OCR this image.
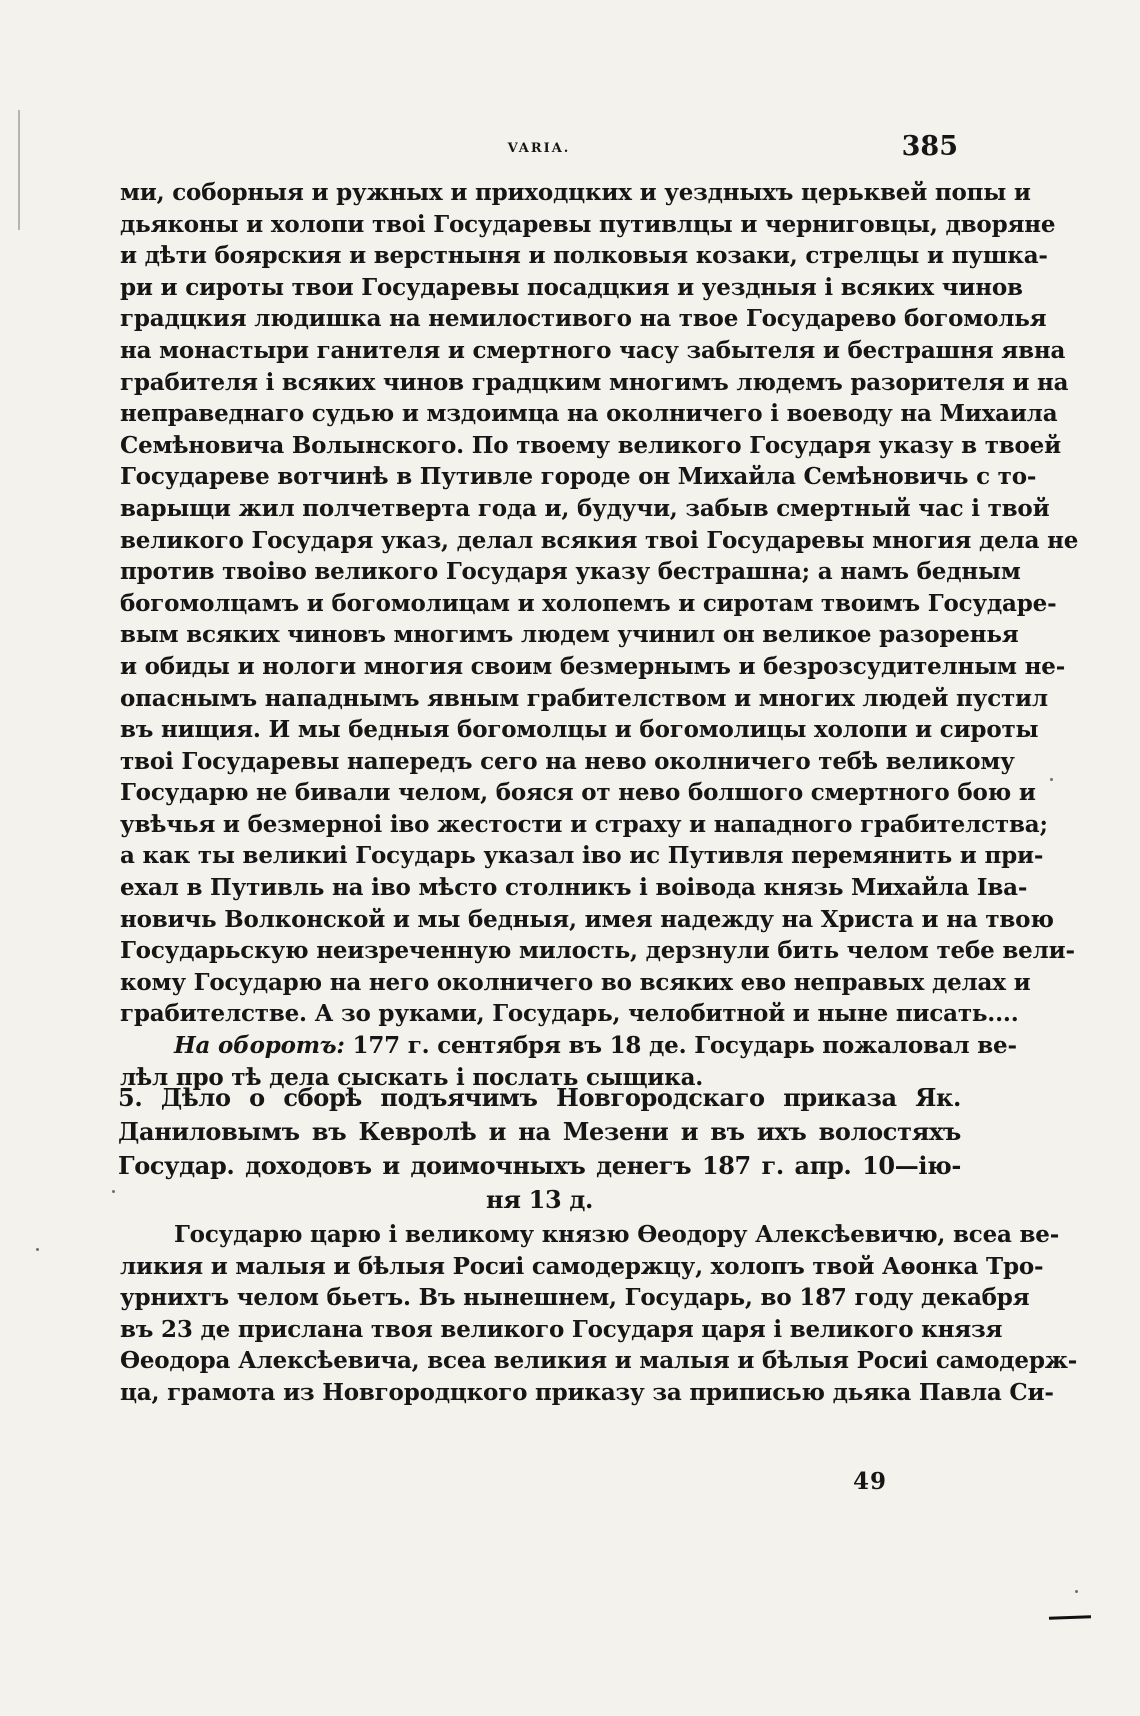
VARIA.	385
ми, соборныя и ружных и приходцких и уездныхъ церьквей попы и
дьяконы и холопи твоі Государевы путивлцы и черниговцы, дворяне
и дѣти боярския и верстныня и полковыя козаки, стрелцы и пушка-
ри и сироты твои Государевы посадцкия и уездныя і всяких чинов
градцкия людишка на немилостивого на твое Государево богомолья
на монастыри ганителя и смертного часу забытеля и бестрашня явна
грабителя і всяких чинов градцким многимъ людемъ разорителя и на
неправеднаго судью и мздоимца на околничего і воеводу на Михаила
Семѣновича Волынского. По твоему великого Государя указу в твоей
Государеве вотчинѣ в Путивле городе он Михайла Семѣновичь с то-
варыщи жил полчетверта года и, будучи, забыв смертный час і твой
великого Государя указ, делал всякия твоі Государевы многия дела не
против твоіво великого Государя указу бестрашна; а намъ бедным
богомолцамъ и богомолицам и холопемъ и сиротам твоимъ Государе-
вым всяких чиновъ многимъ людем учинил он великое разоренья
и обиды и нологи многия своим безмернымъ и безрозсудителным не-
опаснымъ нападнымъ явным грабителством и многих людей пустил
въ нищия. И мы бедныя богомолцы и богомолицы холопи и сироты
твоі Государевы напередъ сего на нево околничего тебѣ великому
Государю не бивали челом, бояся от нево болшого смертного бою и
увѣчья и безмерноі іво жестости и страху и нападного грабителства;
а как ты великиі Государь указал іво ис Путивля перемянить и при-
ехал в Путивль на іво мѣсто столникъ і воівода князь Михайла Іва-
новичь Волконской и мы бедныя, имея надежду на Христа и на твою
Государьскую неизреченную милость, дерзнули бить челом тебе вели-
кому Государю на него околничего во всяких ево неправых делах и
грабителстве. А зо руками, Государь, челобитной и ныне писать....
На оборотъ: 177 г. сентября въ 18 де. Государь пожаловал ве-
лѣл про тѣ дела сыскать і послать сыщика.
5. Дѣло о сборѣ подъячимъ Новгородскаго приказа Як.
Даниловымъ въ Кевролѣ и на Мезени и въ ихъ волостяхъ
Государ. доходовъ и доимочныхъ денегъ 187 г. апр. 10—ію-
ня 13 д.
Государю царю і великому князю Ѳеодору Алексѣевичю, всеа ве-
ликия и малыя и бѣлыя Росиі самодержцу, холопъ твой Аѳонка Тро-
урнихтъ челом бьетъ. Въ нынешнем, Государь, во 187 году декабря
въ 23 де прислана твоя великого Государя царя і великого князя
Ѳеодора Алексѣевича, всеа великия и малыя и бѣлыя Росиі самодерж-
ца, грамота из Новгородцкого приказу за приписью дьяка Павла Си-
49
